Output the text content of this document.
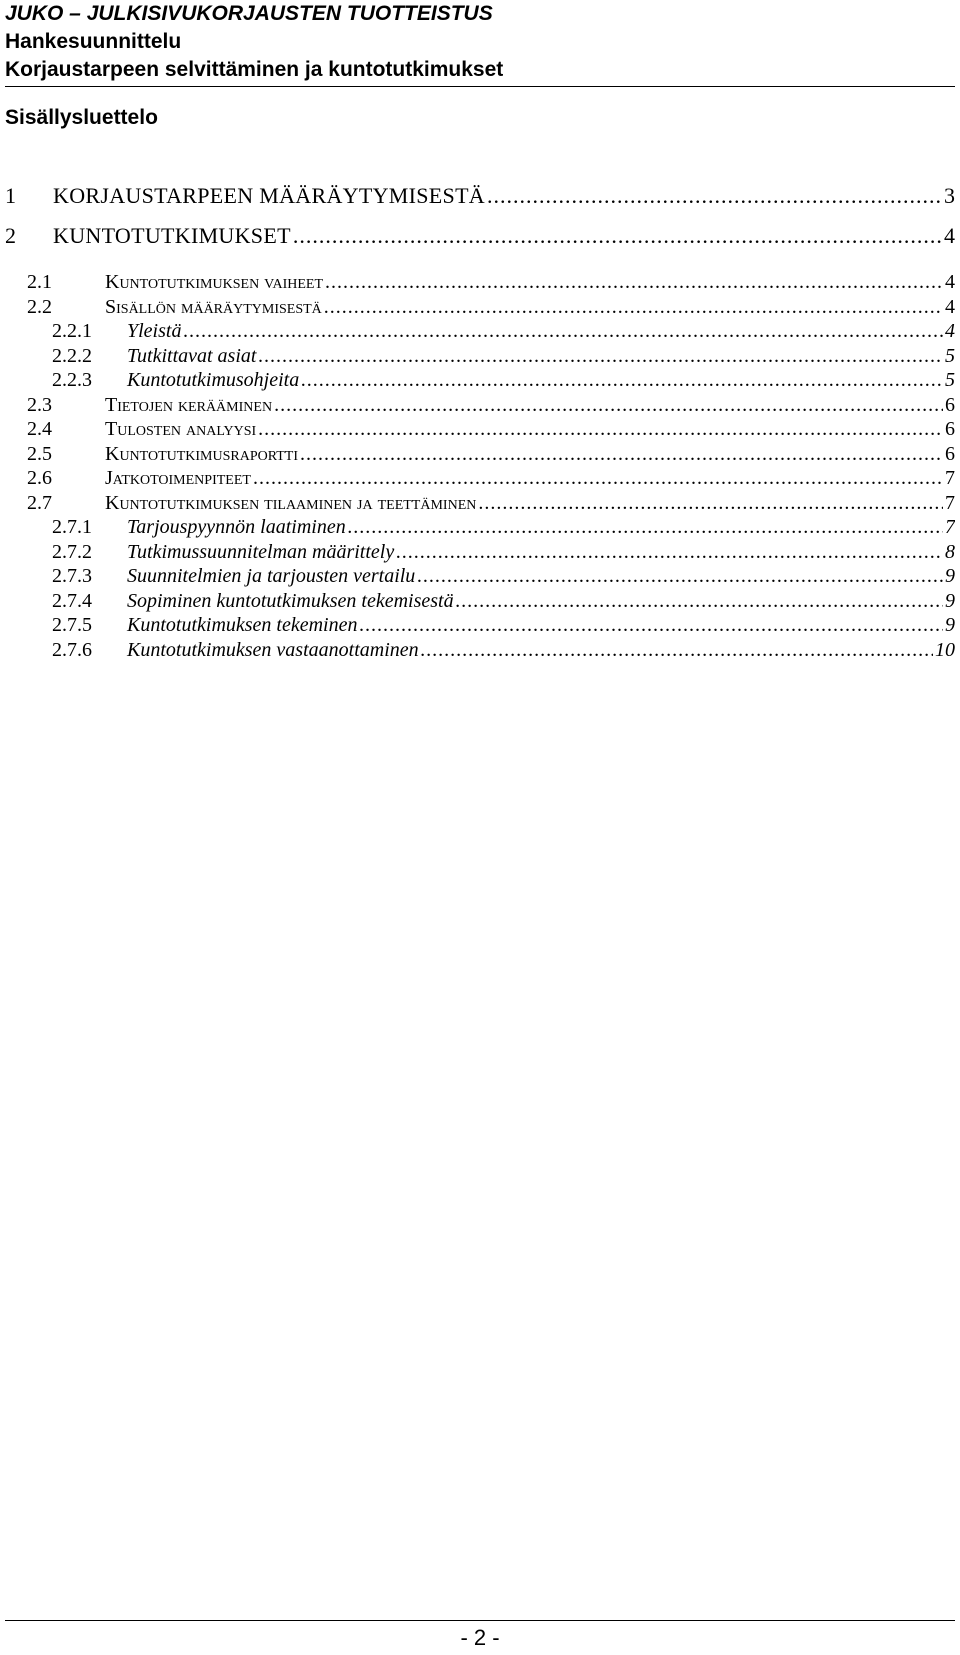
JUKO – JULKISIVUKORJAUSTEN TUOTTEISTUS
Hankesuunnittelu
Korjaustarpeen selvittäminen ja kuntotutkimukset
Sisällysluettelo
1	KORJAUSTARPEEN MÄÄRÄYTYMISESTÄ .....	3
2	KUNTOTUTKIMUKSET .....	4
2.1	Kuntotutkimuksen vaiheet .....	4
2.2	Sisällön määräytymisestä .....	4
2.2.1	Yleistä .....	4
2.2.2	Tutkittavat asiat .....	5
2.2.3	Kuntotutkimusohjeita .....	5
2.3	Tietojen kerääminen .....	6
2.4	Tulosten analyysi .....	6
2.5	Kuntotutkimusraportti .....	6
2.6	Jatkotoimenpiteet .....	7
2.7	Kuntotutkimuksen tilaaminen ja teettäminen .....	7
2.7.1	Tarjouspyynnön laatiminen .....	7
2.7.2	Tutkimussuunnitelman määrittely .....	8
2.7.3	Suunnitelmien ja tarjousten vertailu .....	9
2.7.4	Sopiminen kuntotutkimuksen tekemisestä .....	9
2.7.5	Kuntotutkimuksen tekeminen .....	9
2.7.6	Kuntotutkimuksen vastaanottaminen .....	10
- 2 -
